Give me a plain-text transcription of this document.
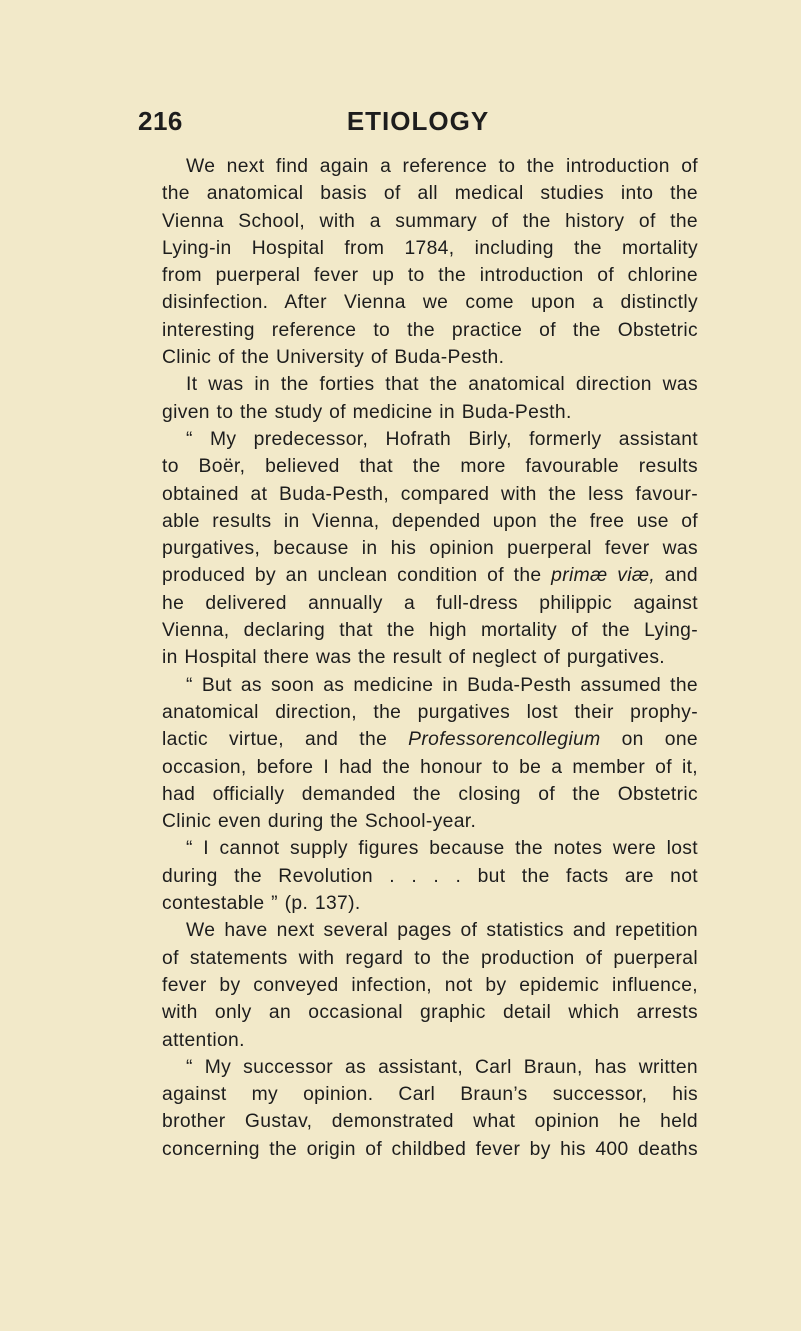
216	ETIOLOGY

We next find again a reference to the introduction of
the anatomical basis of all medical studies into the
Vienna School, with a summary of the history of the
Lying-in Hospital from 1784, including the mortality
from puerperal fever up to the introduction of chlorine
disinfection. After Vienna we come upon a distinctly
interesting reference to the practice of the Obstetric
Clinic of the University of Buda-Pesth.

It was in the forties that the anatomical direction was
given to the study of medicine in Buda-Pesth.

“ My predecessor, Hofrath Birly, formerly assistant
to Boër, believed that the more favourable results
obtained at Buda-Pesth, compared with the less favour-
able results in Vienna, depended upon the free use of
purgatives, because in his opinion puerperal fever was
produced by an unclean condition of the primæ viæ, and
he delivered annually a full-dress philippic against
Vienna, declaring that the high mortality of the Lying-
in Hospital there was the result of neglect of purgatives.

“ But as soon as medicine in Buda-Pesth assumed the
anatomical direction, the purgatives lost their prophy-
lactic virtue, and the Professorencollegium on one
occasion, before I had the honour to be a member of it,
had officially demanded the closing of the Obstetric
Clinic even during the School-year.

“ I cannot supply figures because the notes were lost
during the Revolution . . . . but the facts are not
contestable ” (p. 137).

We have next several pages of statistics and repetition
of statements with regard to the production of puerperal
fever by conveyed infection, not by epidemic influence,
with only an occasional graphic detail which arrests
attention.

“ My successor as assistant, Carl Braun, has written
against my opinion. Carl Braun’s successor, his
brother Gustav, demonstrated what opinion he held
concerning the origin of childbed fever by his 400 deaths
